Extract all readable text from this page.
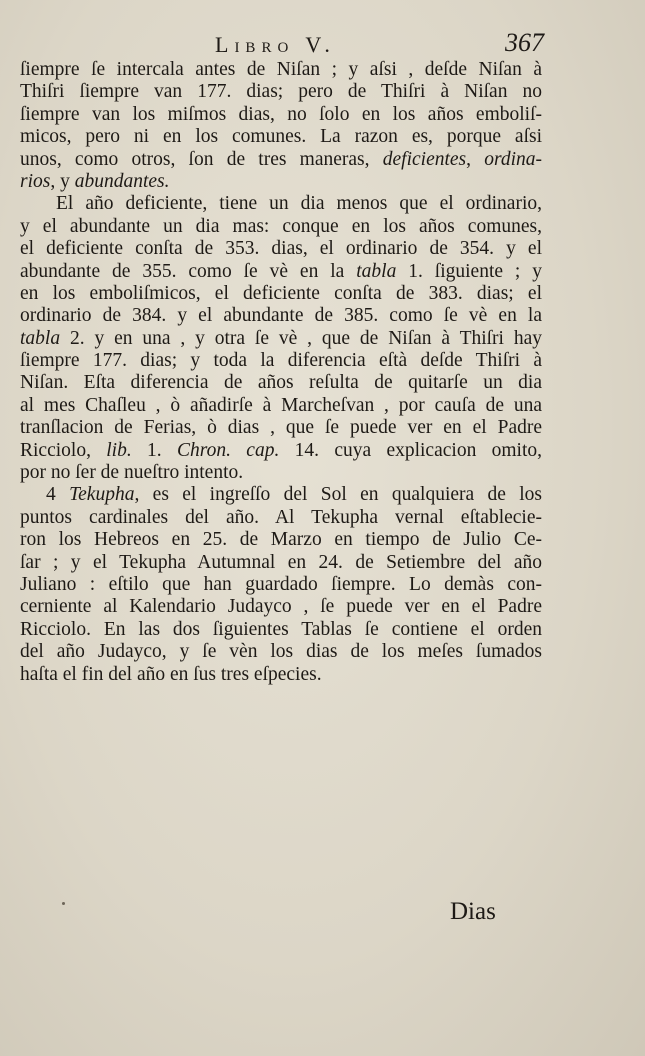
Libro V.	367
ſiempre ſe intercala antes de Niſan ; y aſsi , deſde Niſan à
Thiſri ſiempre van 177. dias; pero de Thiſri à Niſan no
ſiempre van los miſmos dias, no ſolo en los años emboliſ-
micos, pero ni en los comunes. La razon es, porque aſsi
unos, como otros, ſon de tres maneras, deficientes, ordina-
rios, y abundantes.
El año deficiente, tiene un dia menos que el ordinario,
y el abundante un dia mas: conque en los años comunes,
el deficiente conſta de 353. dias, el ordinario de 354. y el
abundante de 355. como ſe vè en la tabla 1. ſiguiente ; y
en los emboliſmicos, el deficiente conſta de 383. dias; el
ordinario de 384. y el abundante de 385. como ſe vè en la
tabla 2. y en una , y otra ſe vè , que de Niſan à Thiſri hay
ſiempre 177. dias; y toda la diferencia eſtà deſde Thiſri à
Niſan. Eſta diferencia de años reſulta de quitarſe un dia
al mes Chaſleu , ò añadirſe à Marcheſvan , por cauſa de una
tranſlacion de Ferias, ò dias , que ſe puede ver en el Padre
Ricciolo, lib. 1. Chron. cap. 14. cuya explicacion omito,
por no ſer de nueſtro intento.
4 Tekupha, es el ingreſſo del Sol en qualquiera de los
puntos cardinales del año. Al Tekupha vernal eſtablecie-
ron los Hebreos en 25. de Marzo en tiempo de Julio Ce-
ſar ; y el Tekupha Autumnal en 24. de Setiembre del año
Juliano : eſtilo que han guardado ſiempre. Lo demàs con-
cerniente al Kalendario Judayco , ſe puede ver en el Padre
Ricciolo. En las dos ſiguientes Tablas ſe contiene el orden
del año Judayco, y ſe vèn los dias de los meſes ſumados
haſta el fin del año en ſus tres eſpecies.
Dias
